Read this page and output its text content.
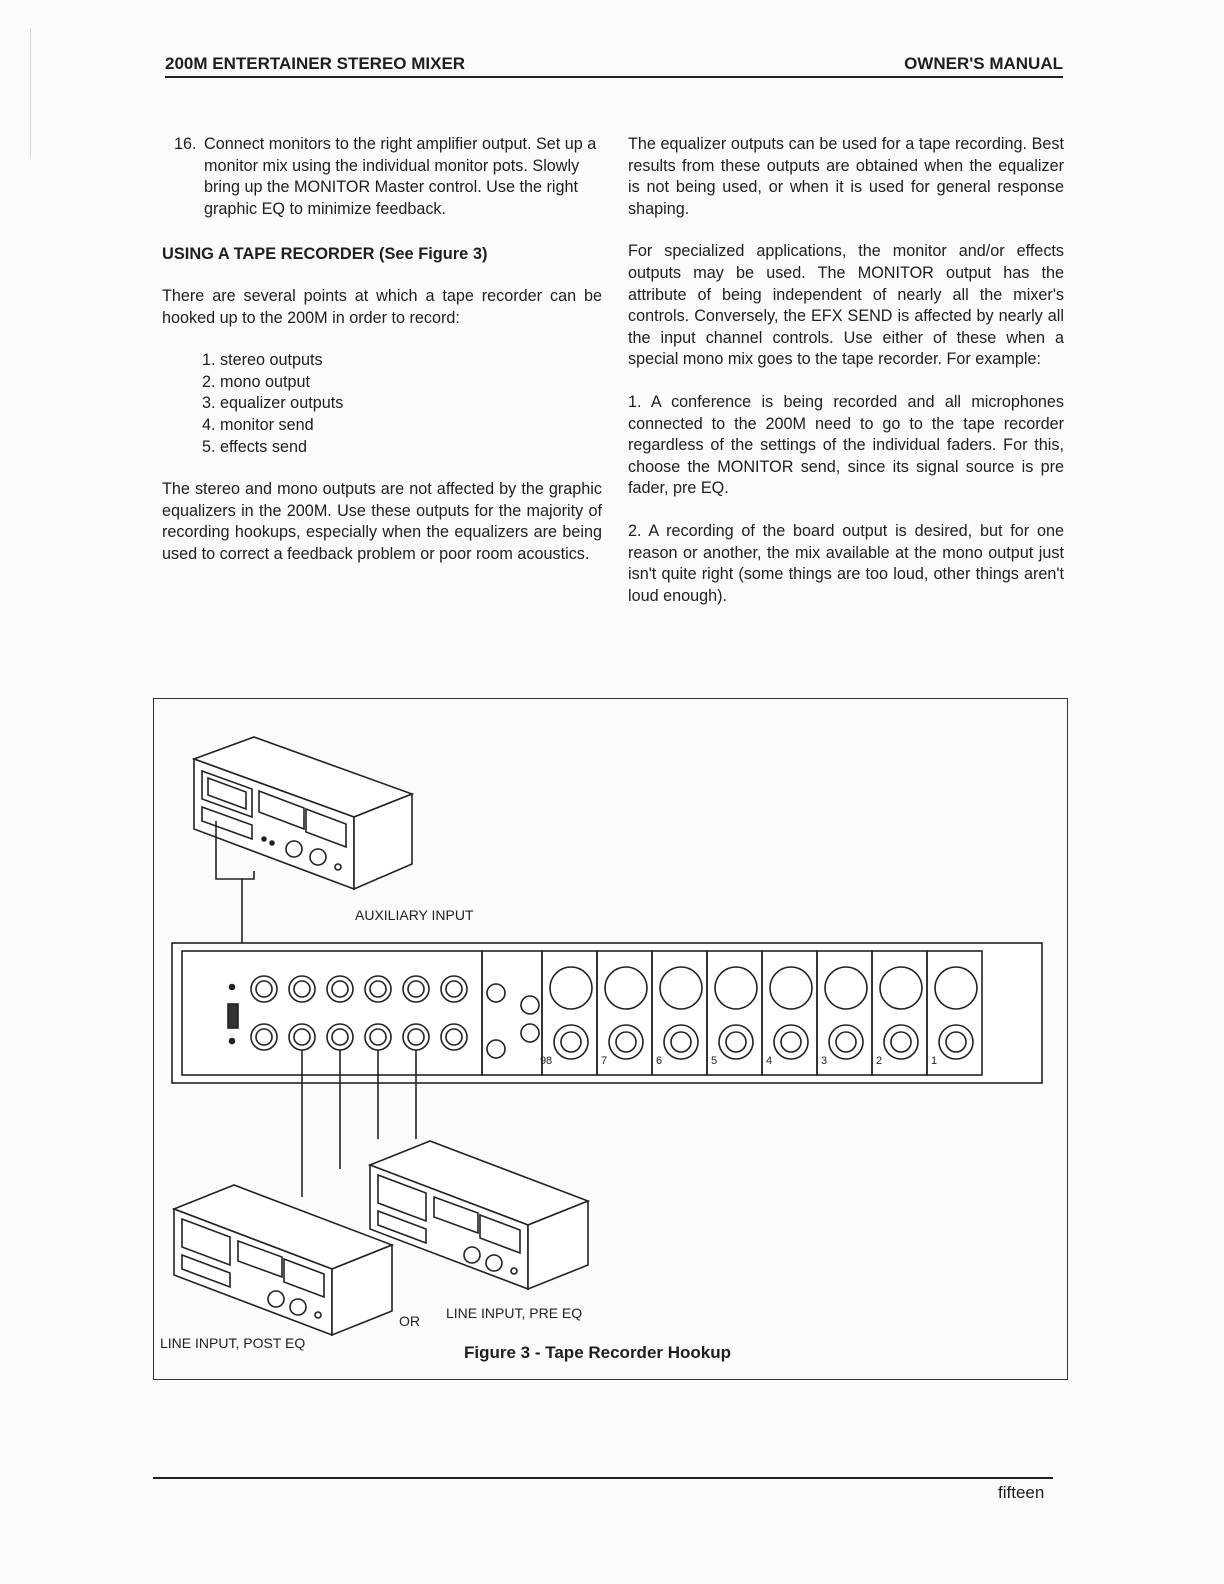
200M ENTERTAINER STEREO MIXER	OWNER'S MANUAL
16. Connect monitors to the right amplifier output. Set up a monitor mix using the individual monitor pots. Slowly bring up the MONITOR Master control. Use the right graphic EQ to minimize feedback.
USING A TAPE RECORDER (See Figure 3)

There are several points at which a tape recorder can be hooked up to the 200M in order to record:

1. stereo outputs
2. mono output
3. equalizer outputs
4. monitor send
5. effects send

The stereo and mono outputs are not affected by the graphic equalizers in the 200M. Use these outputs for the majority of recording hookups, especially when the equalizers are being used to correct a feedback problem or poor room acoustics.

The equalizer outputs can be used for a tape recording. Best results from these outputs are obtained when the equalizer is not being used, or when it is used for general response shaping.

For specialized applications, the monitor and/or effects outputs may be used. The MONITOR output has the attribute of being independent of nearly all the mixer's controls. Conversely, the EFX SEND is affected by nearly all the input channel controls. Use either of these when a special mono mix goes to the tape recorder. For example:

1. A conference is being recorded and all microphones connected to the 200M need to go to the tape recorder regardless of the settings of the individual faders. For this, choose the MONITOR send, since its signal source is pre fader, pre EQ.

2. A recording of the board output is desired, but for one reason or another, the mix available at the mono output just isn't quite right (some things are too loud, other things aren't loud enough).

AUXILIARY INPUT
LINE INPUT, POST EQ
OR LINE INPUT, PRE EQ
9 8	7	6	5	4	3	2	1
Figure 3 - Tape Recorder Hookup
fifteen
